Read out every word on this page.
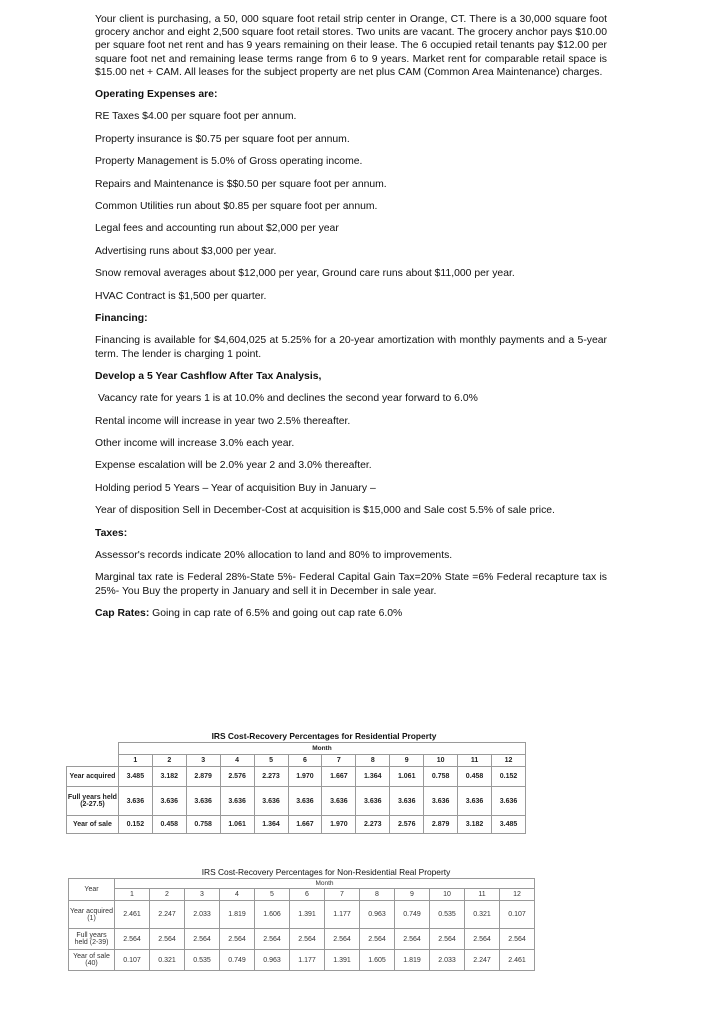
Your client is purchasing, a 50, 000 square foot retail strip center in Orange, CT. There is a 30,000 square foot grocery anchor and eight 2,500 square foot retail stores. Two units are vacant. The grocery anchor pays $10.00 per square foot net rent and has 9 years remaining on their lease. The 6 occupied retail tenants pay $12.00 per square foot net and remaining lease terms range from 6 to 9 years. Market rent for comparable retail space is $15.00 net + CAM. All leases for the subject property are net plus CAM (Common Area Maintenance) charges.

Operating Expenses are:

RE Taxes $4.00 per square foot per annum.

Property insurance is $0.75 per square foot per annum.

Property Management is 5.0% of Gross operating income.

Repairs and Maintenance is $$0.50 per square foot per annum.

Common Utilities run about $0.85 per square foot per annum.

Legal fees and accounting run about $2,000 per year

Advertising runs about $3,000 per year.

Snow removal averages about $12,000 per year, Ground care runs about $11,000 per year.

HVAC Contract is $1,500 per quarter.

Financing:

Financing is available for $4,604,025 at 5.25% for a 20-year amortization with monthly payments and a 5-year term. The lender is charging 1 point.

Develop a 5 Year Cashflow After Tax Analysis,

Vacancy rate for years 1 is at 10.0% and declines the second year forward to 6.0%

Rental income will increase in year two 2.5% thereafter.

Other income will increase 3.0% each year.

Expense escalation will be 2.0% year 2 and 3.0% thereafter.

Holding period 5 Years – Year of acquisition Buy in January –

Year of disposition Sell in December-Cost at acquisition is $15,000 and Sale cost 5.5% of sale price.

Taxes:

Assessor's records indicate 20% allocation to land and 80% to improvements.

Marginal tax rate is Federal 28%-State 5%- Federal Capital Gain Tax=20% State =6% Federal recapture tax is 25%- You Buy the property in January and sell it in December in sale year.

Cap Rates: Going in cap rate of 6.5% and going out cap rate 6.0%

IRS Cost-Recovery Percentages for Residential Property
	Month											
	1	2	3	4	5	6	7	8	9	10	11	12
Year acquired	3.485	3.182	2.879	2.576	2.273	1.970	1.667	1.364	1.061	0.758	0.458	0.152
Full years held (2-27.5)	3.636	3.636	3.636	3.636	3.636	3.636	3.636	3.636	3.636	3.636	3.636	3.636
Year of sale	0.152	0.458	0.758	1.061	1.364	1.667	1.970	2.273	2.576	2.879	3.182	3.485
IRS Cost-Recovery Percentages for Non-Residential Real Property
Year	Month											
	1	2	3	4	5	6	7	8	9	10	11	12
Year acquired (1)	2.461	2.247	2.033	1.819	1.606	1.391	1.177	0.963	0.749	0.535	0.321	0.107
Full years held (2-39)	2.564	2.564	2.564	2.564	2.564	2.564	2.564	2.564	2.564	2.564	2.564	2.564
Year of sale (40)	0.107	0.321	0.535	0.749	0.963	1.177	1.391	1.605	1.819	2.033	2.247	2.461
